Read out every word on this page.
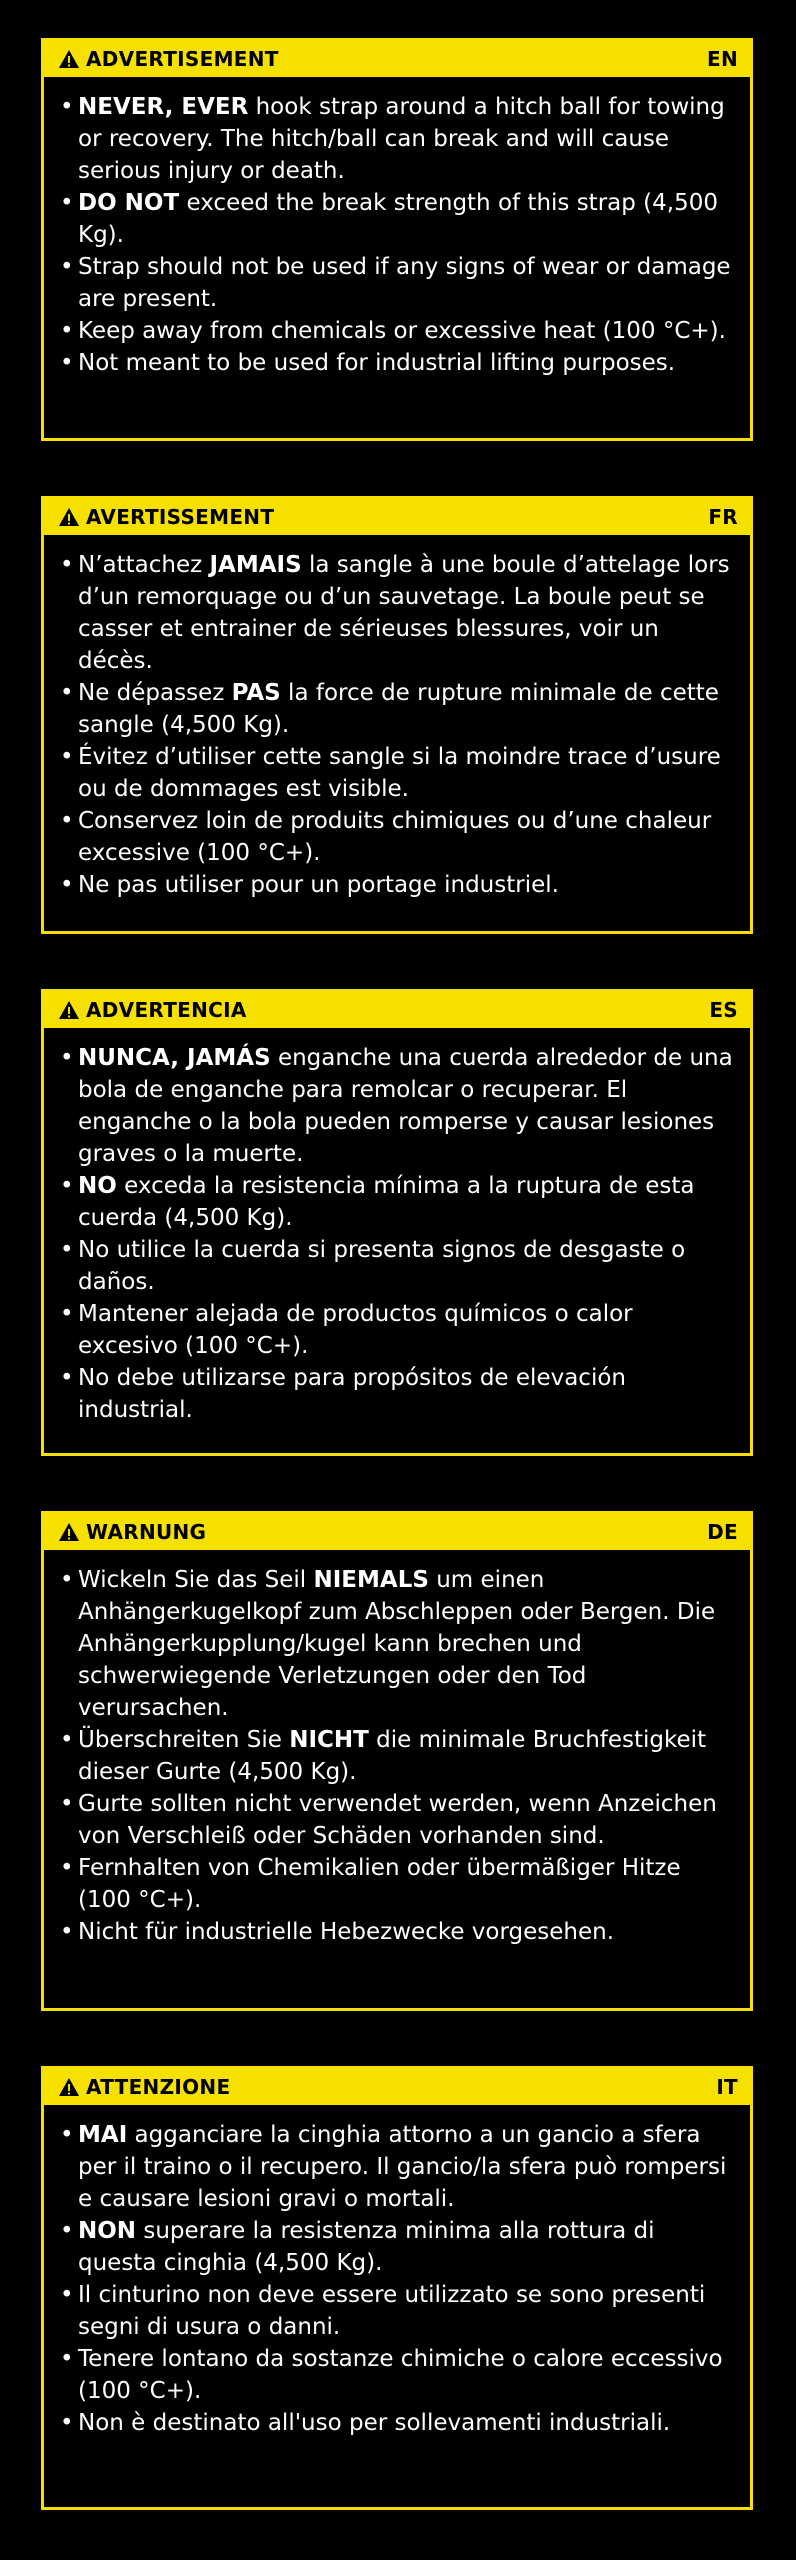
ADVERTISEMENT	EN
• NEVER, EVER hook strap around a hitch ball for towing or recovery. The hitch/ball can break and will cause serious injury or death.
• DO NOT exceed the break strength of this strap (4,500 Kg).
• Strap should not be used if any signs of wear or damage are present.
• Keep away from chemicals or excessive heat (100 °C+).
• Not meant to be used for industrial lifting purposes.
AVERTISSEMENT	FR
• N’attachez JAMAIS la sangle à une boule d’attelage lors d’un remorquage ou d’un sauvetage. La boule peut se casser et entrainer de sérieuses blessures, voir un décès.
• Ne dépassez PAS la force de rupture minimale de cette sangle (4,500 Kg).
• Évitez d’utiliser cette sangle si la moindre trace d’usure ou de dommages est visible.
• Conservez loin de produits chimiques ou d’une chaleur excessive (100 °C+).
• Ne pas utiliser pour un portage industriel.
ADVERTENCIA	ES
• NUNCA, JAMÁS enganche una cuerda alrededor de una bola de enganche para remolcar o recuperar. El enganche o la bola pueden romperse y causar lesiones graves o la muerte.
• NO exceda la resistencia mínima a la ruptura de esta cuerda (4,500 Kg).
• No utilice la cuerda si presenta signos de desgaste o daños.
• Mantener alejada de productos químicos o calor excesivo (100 °C+).
• No debe utilizarse para propósitos de elevación industrial.
WARNUNG	DE
• Wickeln Sie das Seil NIEMALS um einen Anhängerkugelkopf zum Abschleppen oder Bergen. Die Anhängerkupplung/kugel kann brechen und schwerwiegende Verletzungen oder den Tod verursachen.
• Überschreiten Sie NICHT die minimale Bruchfestigkeit dieser Gurte (4,500 Kg).
• Gurte sollten nicht verwendet werden, wenn Anzeichen von Verschleiß oder Schäden vorhanden sind.
• Fernhalten von Chemikalien oder übermäßiger Hitze (100 °C+).
• Nicht für industrielle Hebezwecke vorgesehen.
ATTENZIONE	IT
• MAI agganciare la cinghia attorno a un gancio a sfera per il traino o il recupero. Il gancio/la sfera può rompersi e causare lesioni gravi o mortali.
• NON superare la resistenza minima alla rottura di questa cinghia (4,500 Kg).
• Il cinturino non deve essere utilizzato se sono presenti segni di usura o danni.
• Tenere lontano da sostanze chimiche o calore eccessivo (100 °C+).
• Non è destinato all'uso per sollevamenti industriali.
